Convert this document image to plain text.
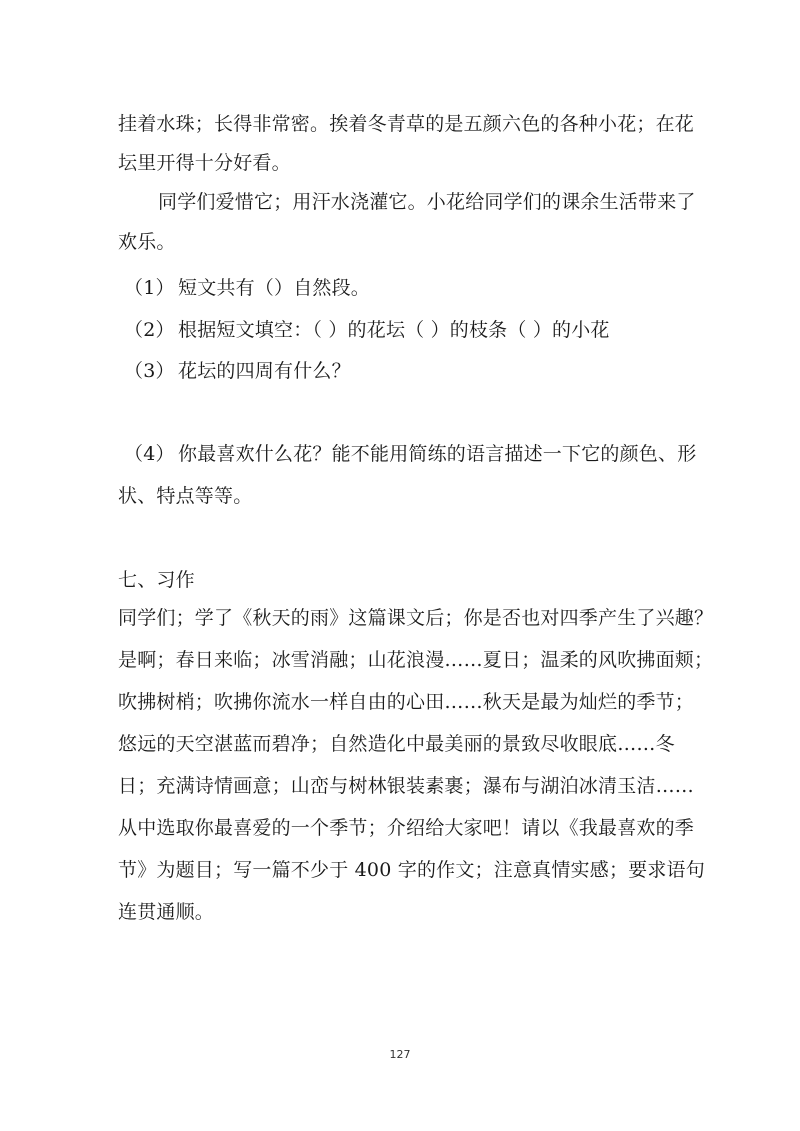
挂着水珠；长得非常密。挨着冬青草的是五颜六色的各种小花；在花
坛里开得十分好看。
同学们爱惜它；用汗水浇灌它。小花给同学们的课余生活带来了
欢乐。
（1） 短文共有（）自然段。
（2） 根据短文填空：（ ）的花坛（ ）的枝条（ ）的小花
（3） 花坛的四周有什么？
（4） 你最喜欢什么花？能不能用简练的语言描述一下它的颜色、形
状、特点等等。
七、习作
同学们；学了《秋天的雨》这篇课文后；你是否也对四季产生了兴趣？
是啊；春日来临；冰雪消融；山花浪漫……夏日；温柔的风吹拂面颊；
吹拂树梢；吹拂你流水一样自由的心田……秋天是最为灿烂的季节；
悠远的天空湛蓝而碧净；自然造化中最美丽的景致尽收眼底……冬
日；充满诗情画意；山峦与树林银装素裹；瀑布与湖泊冰清玉洁……
从中选取你最喜爱的一个季节；介绍给大家吧！请以《我最喜欢的季
节》为题目；写一篇不少于 400 字的作文；注意真情实感；要求语句
连贯通顺。
127
